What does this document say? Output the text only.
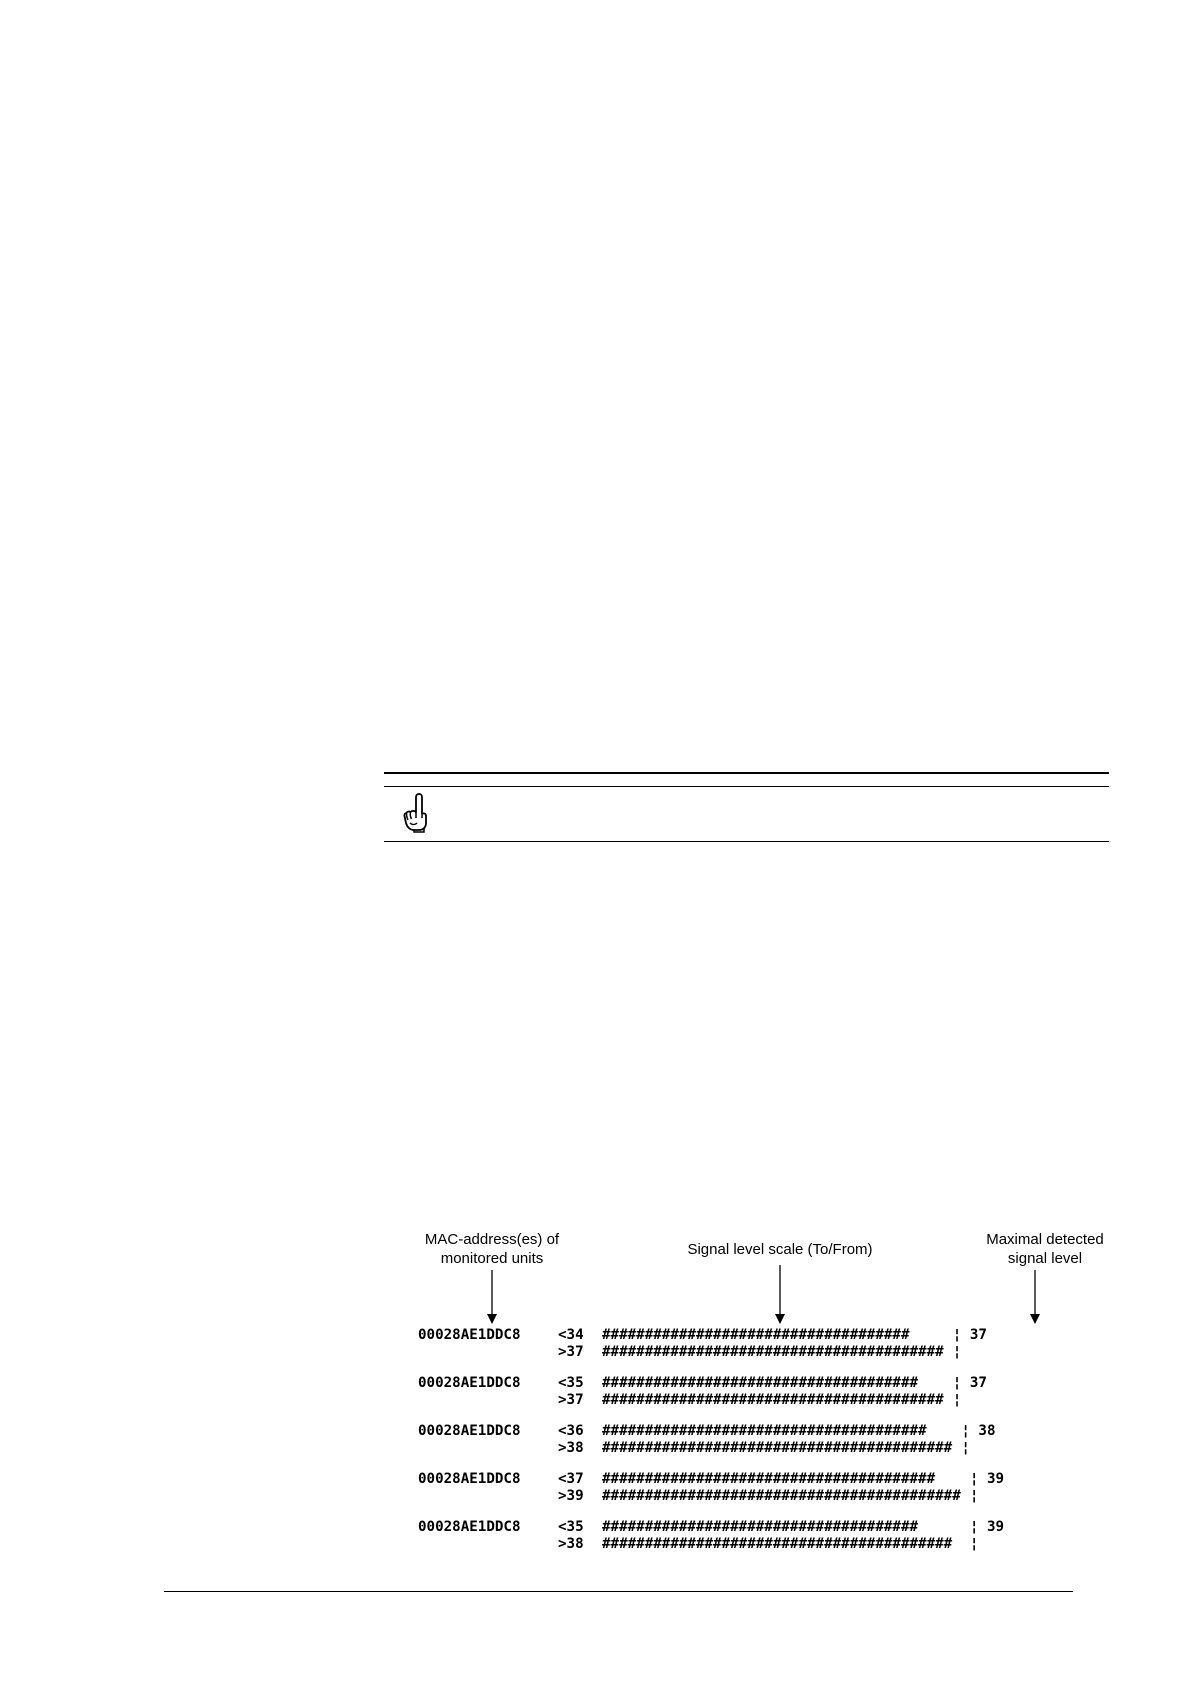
MAC-address(es) of
monitored units
Signal level scale (To/From)
Maximal detected
signal level
00028AE1DDC8	<34 ####################################	¦ 37
>37 ######################################## ¦
00028AE1DDC8	<35 ##################################### ¦ 37
>37 ######################################## ¦
00028AE1DDC8	<36 ###################################### ¦ 38
>38 ######################################### ¦
00028AE1DDC8	<37 ####################################### ¦ 39
>39 ########################################## ¦
00028AE1DDC8	<35 #####################################	¦ 39
>38 ######################################### ¦
